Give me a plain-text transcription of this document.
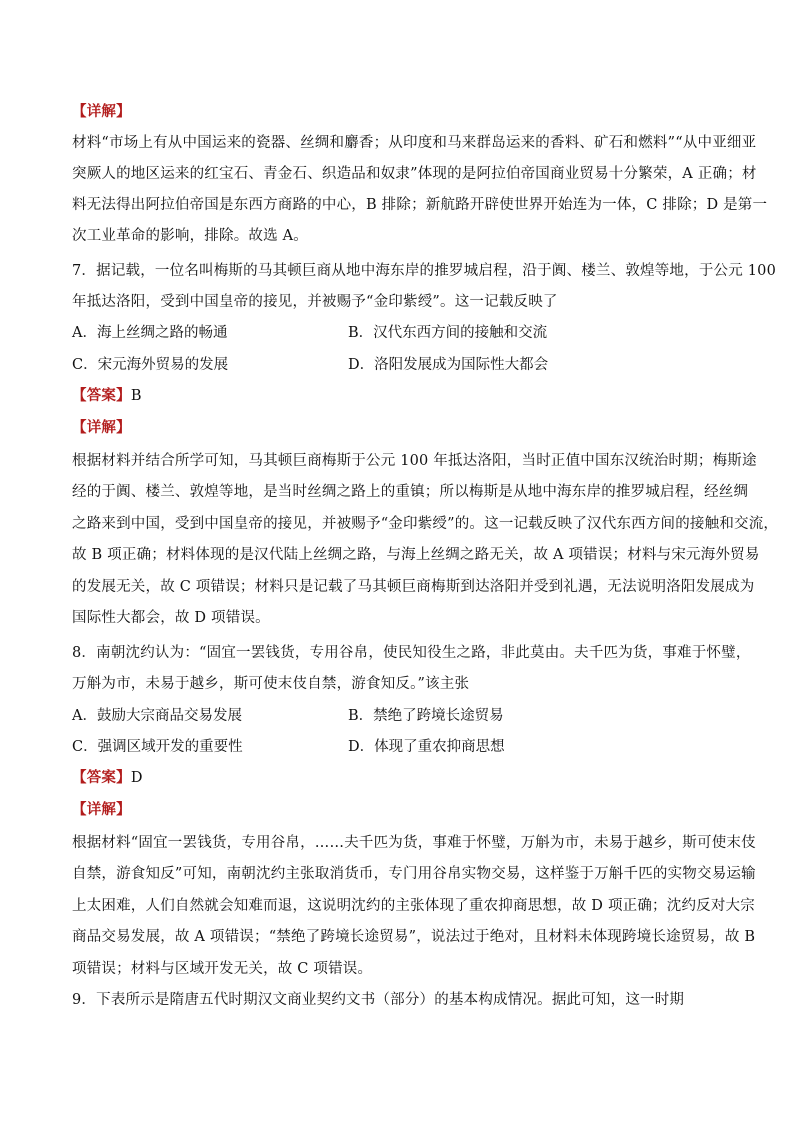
【详解】
材料“市场上有从中国运来的瓷器、丝绸和麝香；从印度和马来群岛运来的香料、矿石和燃料”“从中亚细亚
突厥人的地区运来的红宝石、青金石、织造品和奴隶”体现的是阿拉伯帝国商业贸易十分繁荣，A 正确；材
料无法得出阿拉伯帝国是东西方商路的中心，B 排除；新航路开辟使世界开始连为一体，C 排除；D 是第一
次工业革命的影响，排除。故选 A。
7．据记载，一位名叫梅斯的马其顿巨商从地中海东岸的推罗城启程，沿于阗、楼兰、敦煌等地，于公元 100
年抵达洛阳，受到中国皇帝的接见，并被赐予“金印紫绶”。这一记载反映了
A．海上丝绸之路的畅通	B．汉代东西方间的接触和交流
C．宋元海外贸易的发展	D．洛阳发展成为国际性大都会
【答案】B
【详解】
根据材料并结合所学可知，马其顿巨商梅斯于公元 100 年抵达洛阳，当时正值中国东汉统治时期；梅斯途
经的于阗、楼兰、敦煌等地，是当时丝绸之路上的重镇；所以梅斯是从地中海东岸的推罗城启程，经丝绸
之路来到中国，受到中国皇帝的接见，并被赐予“金印紫绶”的。这一记载反映了汉代东西方间的接触和交流，
故 B 项正确；材料体现的是汉代陆上丝绸之路，与海上丝绸之路无关，故 A 项错误；材料与宋元海外贸易
的发展无关，故 C 项错误；材料只是记载了马其顿巨商梅斯到达洛阳并受到礼遇，无法说明洛阳发展成为
国际性大都会，故 D 项错误。
8．南朝沈约认为：“固宜一罢钱货，专用谷帛，使民知役生之路，非此莫由。夫千匹为货，事难于怀璧，
万斛为市，未易于越乡，斯可使末伎自禁，游食知反。”该主张
A．鼓励大宗商品交易发展	B．禁绝了跨境长途贸易
C．强调区域开发的重要性	D．体现了重农抑商思想
【答案】D
【详解】
根据材料“固宜一罢钱货，专用谷帛，……夫千匹为货，事难于怀璧，万斛为市，未易于越乡，斯可使末伎
自禁，游食知反”可知，南朝沈约主张取消货币，专门用谷帛实物交易，这样鉴于万斛千匹的实物交易运输
上太困难，人们自然就会知难而退，这说明沈约的主张体现了重农抑商思想，故 D 项正确；沈约反对大宗
商品交易发展，故 A 项错误；“禁绝了跨境长途贸易”，说法过于绝对，且材料未体现跨境长途贸易，故 B
项错误；材料与区域开发无关，故 C 项错误。
9．下表所示是隋唐五代时期汉文商业契约文书（部分）的基本构成情况。据此可知，这一时期
